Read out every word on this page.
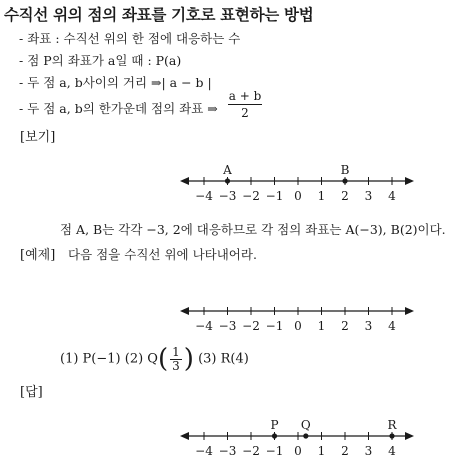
수직선 위의 점의 좌표를 기호로 표현하는 방법
- 좌표 : 수직선 위의 한 점에 대응하는 수
- 점 P의 좌표가 a일 때 : P(a)
- 두 점 a, b사이의 거리 ⇒| a − b |
- 두 점 a, b의 한가운데 점의 좌표 ⇒ $\frac{a + b}{2}$
[보기]
−4 −3 −2 −1 0 1 2 3 4
A	B
점 A, B는 각각 −3, 2에 대응하므로 각 점의 좌표는 A(−3), B(2)이다.
[예제] 다음 점을 수직선 위에 나타내어라.
−4 −3 −2 −1 0 1 2 3 4
(1) P(−1) (2) $Q( \frac{1}{3}$ ) (3) R(4)
[답]
−4 −3 −2 −1 0 1 2 3 4
P Q	R
